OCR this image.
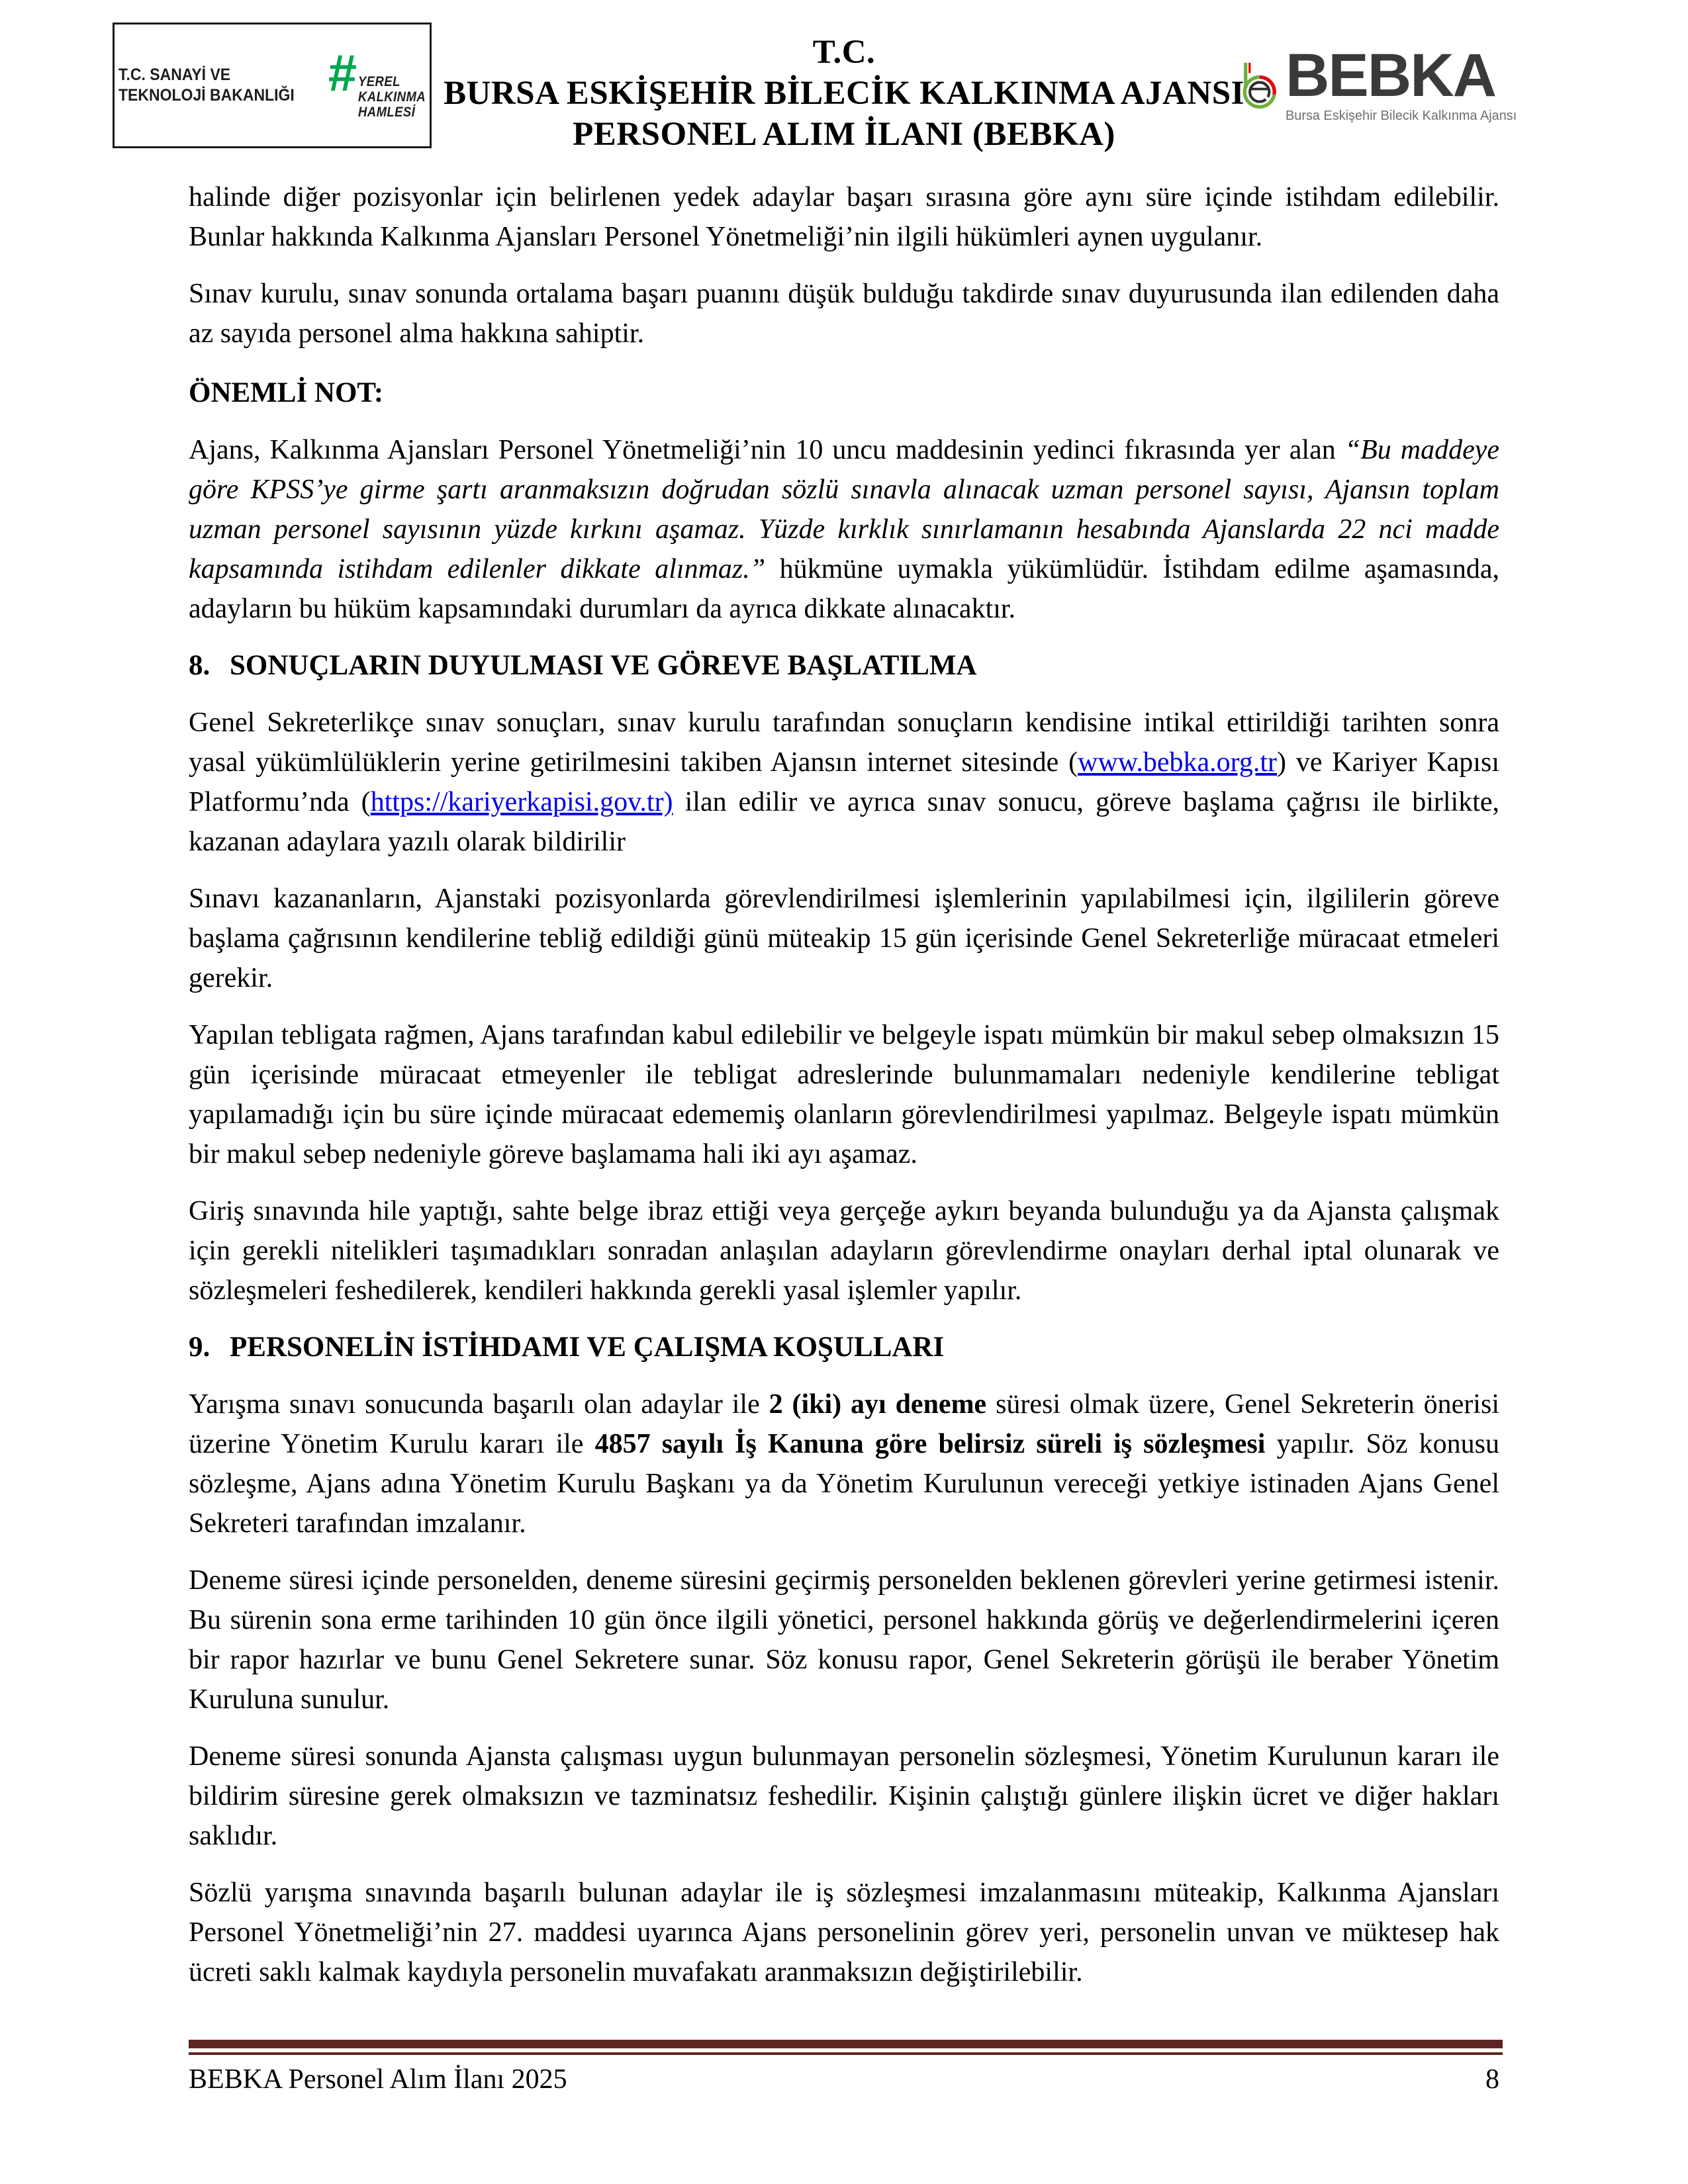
T.C. SANAYİ VE
TEKNOLOJİ BAKANLIĞI # YEREL
KALKINMA
HAMLESİ
T.C.
BURSA ESKİŞEHİR BİLECİK KALKINMA AJANSI
PERSONEL ALIM İLANI (BEBKA)
BEBKA
Bursa Eskişehir Bilecik Kalkınma Ajansı

halinde diğer pozisyonlar için belirlenen yedek adaylar başarı sırasına göre aynı süre içinde istihdam edilebilir. Bunlar hakkında Kalkınma Ajansları Personel Yönetmeliği’nin ilgili hükümleri aynen uygulanır.

Sınav kurulu, sınav sonunda ortalama başarı puanını düşük bulduğu takdirde sınav duyurusunda ilan edilenden daha az sayıda personel alma hakkına sahiptir.

ÖNEMLİ NOT:

Ajans, Kalkınma Ajansları Personel Yönetmeliği’nin 10 uncu maddesinin yedinci fıkrasında yer alan “Bu maddeye göre KPSS’ye girme şartı aranmaksızın doğrudan sözlü sınavla alınacak uzman personel sayısı, Ajansın toplam uzman personel sayısının yüzde kırkını aşamaz. Yüzde kırklık sınırlamanın hesabında Ajanslarda 22 nci madde kapsamında istihdam edilenler dikkate alınmaz.” hükmüne uymakla yükümlüdür. İstihdam edilme aşamasında, adayların bu hüküm kapsamındaki durumları da ayrıca dikkate alınacaktır.

8. SONUÇLARIN DUYULMASI VE GÖREVE BAŞLATILMA

Genel Sekreterlikçe sınav sonuçları, sınav kurulu tarafından sonuçların kendisine intikal ettirildiği tarihten sonra yasal yükümlülüklerin yerine getirilmesini takiben Ajansın internet sitesinde (www.bebka.org.tr) ve Kariyer Kapısı Platformu’nda (https://kariyerkapisi.gov.tr) ilan edilir ve ayrıca sınav sonucu, göreve başlama çağrısı ile birlikte, kazanan adaylara yazılı olarak bildirilir

Sınavı kazananların, Ajanstaki pozisyonlarda görevlendirilmesi işlemlerinin yapılabilmesi için, ilgililerin göreve başlama çağrısının kendilerine tebliğ edildiği günü müteakip 15 gün içerisinde Genel Sekreterliğe müracaat etmeleri gerekir.

Yapılan tebligata rağmen, Ajans tarafından kabul edilebilir ve belgeyle ispatı mümkün bir makul sebep olmaksızın 15 gün içerisinde müracaat etmeyenler ile tebligat adreslerinde bulunmamaları nedeniyle kendilerine tebligat yapılamadığı için bu süre içinde müracaat edememiş olanların görevlendirilmesi yapılmaz. Belgeyle ispatı mümkün bir makul sebep nedeniyle göreve başlamama hali iki ayı aşamaz.

Giriş sınavında hile yaptığı, sahte belge ibraz ettiği veya gerçeğe aykırı beyanda bulunduğu ya da Ajansta çalışmak için gerekli nitelikleri taşımadıkları sonradan anlaşılan adayların görevlendirme onayları derhal iptal olunarak ve sözleşmeleri feshedilerek, kendileri hakkında gerekli yasal işlemler yapılır.

9. PERSONELİN İSTİHDAMI VE ÇALIŞMA KOŞULLARI

Yarışma sınavı sonucunda başarılı olan adaylar ile 2 (iki) ayı deneme süresi olmak üzere, Genel Sekreterin önerisi üzerine Yönetim Kurulu kararı ile 4857 sayılı İş Kanuna göre belirsiz süreli iş sözleşmesi yapılır. Söz konusu sözleşme, Ajans adına Yönetim Kurulu Başkanı ya da Yönetim Kurulunun vereceği yetkiye istinaden Ajans Genel Sekreteri tarafından imzalanır.

Deneme süresi içinde personelden, deneme süresini geçirmiş personelden beklenen görevleri yerine getirmesi istenir. Bu sürenin sona erme tarihinden 10 gün önce ilgili yönetici, personel hakkında görüş ve değerlendirmelerini içeren bir rapor hazırlar ve bunu Genel Sekretere sunar. Söz konusu rapor, Genel Sekreterin görüşü ile beraber Yönetim Kuruluna sunulur.

Deneme süresi sonunda Ajansta çalışması uygun bulunmayan personelin sözleşmesi, Yönetim Kurulunun kararı ile bildirim süresine gerek olmaksızın ve tazminatsız feshedilir. Kişinin çalıştığı günlere ilişkin ücret ve diğer hakları saklıdır.

Sözlü yarışma sınavında başarılı bulunan adaylar ile iş sözleşmesi imzalanmasını müteakip, Kalkınma Ajansları Personel Yönetmeliği’nin 27. maddesi uyarınca Ajans personelinin görev yeri, personelin unvan ve müktesep hak ücreti saklı kalmak kaydıyla personelin muvafakatı aranmaksızın değiştirilebilir.

BEBKA Personel Alım İlanı 2025	8
